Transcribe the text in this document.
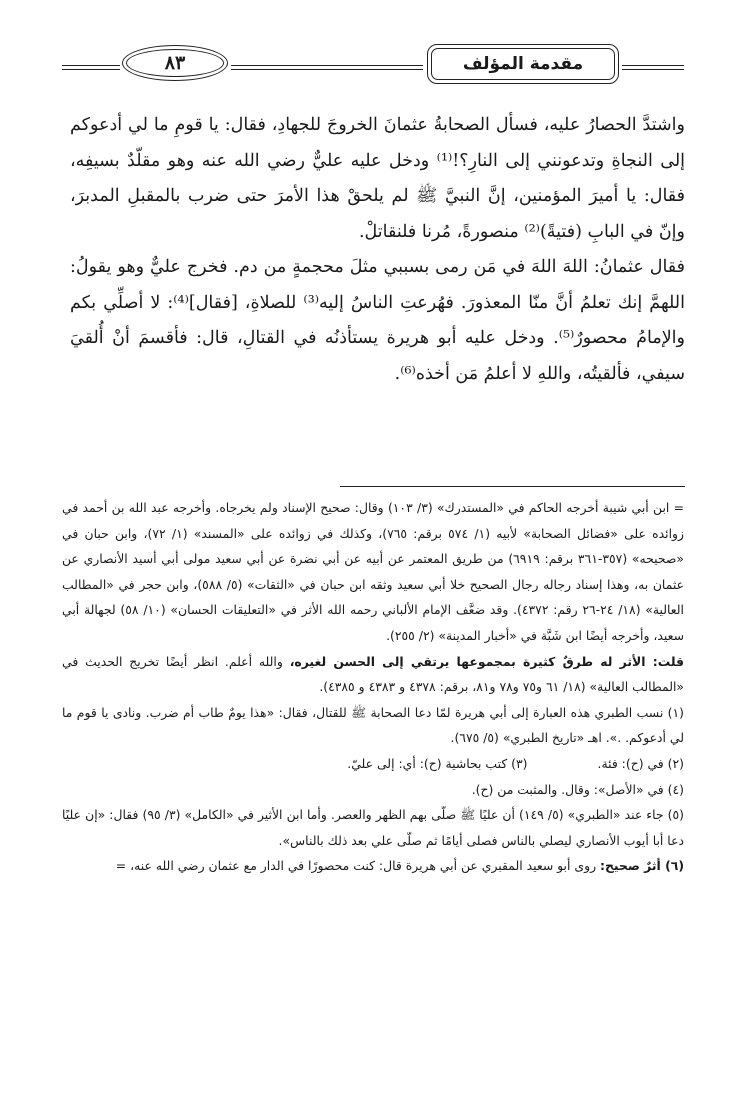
٨٣	مقدمة المؤلف

واشتدَّ الحصارُ عليه، فسأل الصحابةُ عثمانَ الخروجَ للجهادِ، فقال: يا قومِ ما لي أدعوكم إلى النجاةِ وتدعونني إلى النارِ؟!⁽¹⁾ ودخل عليه عليٌّ رضي الله عنه وهو مقلّدٌ بسيفِه، فقال: يا أميرَ المؤمنين، إنَّ النبيَّ ﷺ لم يلحقْ هذا الأمرَ حتى ضرب بالمقبلِ المدبرَ، وإنّ في البابِ (فتيةً)⁽²⁾ منصورةً، مُرنا فلنقاتلْ.

فقال عثمانُ: اللهَ اللهَ في مَن رمى بسببي مثلَ محجمةٍ من دم. فخرج عليٌّ وهو يقولُ: اللهمَّ إنك تعلمُ أنَّ منّا المعذورَ. فهُرعتِ الناسُ إليه⁽³⁾ للصلاةِ، [فقال]⁽⁴⁾: لا أصلِّي بكم والإمامُ محصورٌ⁽⁵⁾. ودخل عليه أبو هريرة يستأذنُه في القتالِ، قال: فأقسمَ أنْ أُلقيَ سيفي، فألقيتُه، واللهِ لا أعلمُ مَن أخذه⁽⁶⁾.

= ابن أبي شيبة أخرجه الحاكم في «المستدرك» (٣/ ١٠٣) وقال: صحيح الإسناد ولم يخرجاه. وأخرجه عبد الله بن أحمد في زوائده على «فضائل الصحابة» لأبيه (١/ ٥٧٤ برقم: ٧٦٥)، وكذلك في زوائده على «المسند» (١/ ٧٢)، وابن حبان في «صحيحه» (٣٥٧-٣٦١ برقم: ٦٩١٩) من طريق المعتمر عن أبيه عن أبي نضرة عن أبي سعيد مولى أبي أسيد الأنصاري عن عثمان به، وهذا إسناد رجاله رجال الصحيح خلا أبي سعيد وثقه ابن حبان في «الثقات» (٥/ ٥٨٨)، وابن حجر في «المطالب العالية» (١٨/ ٢٤-٢٦ رقم: ٤٣٧٢). وقد ضعَّف الإمام الألباني رحمه الله الأثر في «التعليقات الحسان» (١٠/ ٥٨) لجهالة أبي سعيد، وأخرجه أيضًا ابن شَبَّة في «أخبار المدينة» (٢/ ٢٥٥).

قلت: الأثر له طرقٌ كثيرة بمجموعها يرتقي إلى الحسن لغيره، والله أعلم. انظر أيضًا تخريج الحديث في «المطالب العالية» (١٨/ ٦١ و٧٥ و٧٨ و٨١، برقم: ٤٣٧٨ و ٤٣٨٣ و ٤٣٨٥).

(١) نسب الطبري هذه العبارة إلى أبي هريرة لمّا دعا الصحابة ﷺ للقتال، فقال: «هذا يومٌ طاب أم ضرب. ونادى يا قوم ما لي أدعوكم. .». اهـ «تاريخ الطبري» (٥/ ٦٧٥).

(٢) في (ح): فئة.
(٣) كتب بحاشية (ح): أي: إلى عليّ.

(٤) في «الأصل»: وقال. والمثبت من (ح).

(٥) جاء عند «الطبري» (٥/ ١٤٩) أن عليًا ﷺ صلّى بهم الظهر والعصر. وأما ابن الأثير في «الكامل» (٣/ ٩٥) فقال: «إن عليًا دعا أبا أيوب الأنصاري ليصلي بالناس فصلى أيامًا ثم صلّى علي بعد ذلك بالناس».

(٦) أثرٌ صحيح: روى أبو سعيد المقبري عن أبي هريرة قال: كنت محصورًا في الدار مع عثمان رضي الله عنه، =
